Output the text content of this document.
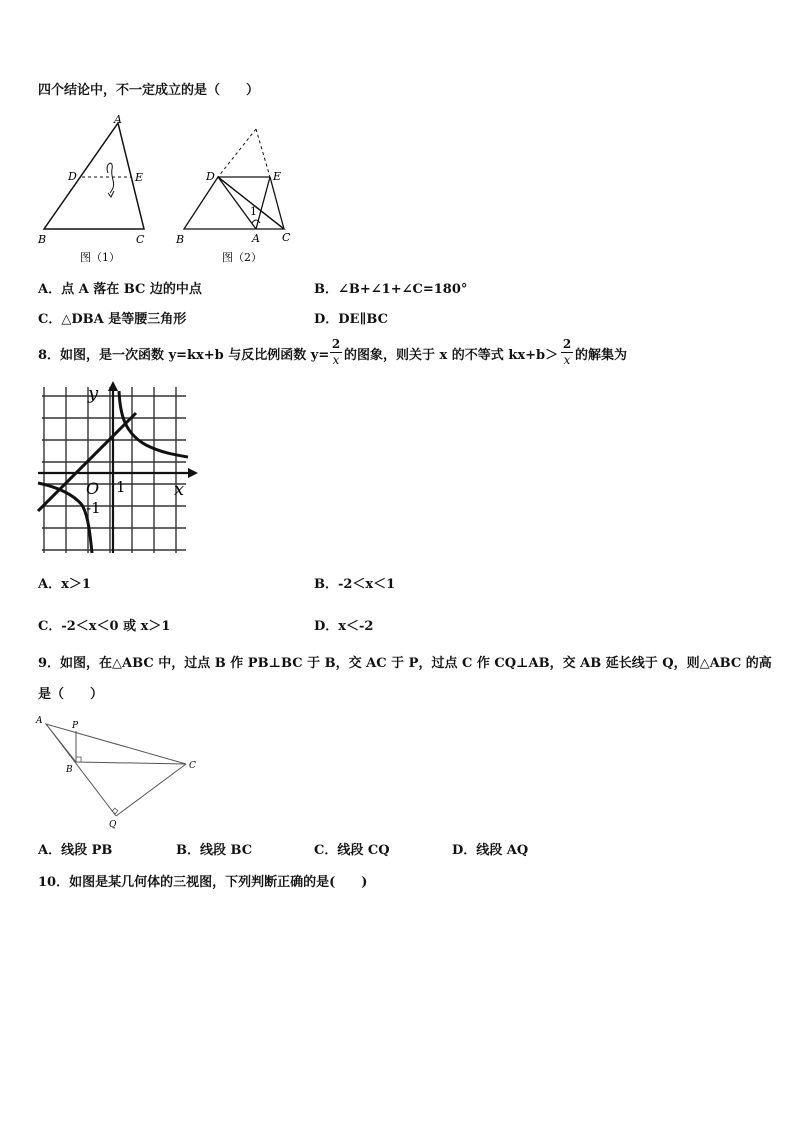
四个结论中，不一定成立的是（　　）
A
D	E
B	C
图（1）
D	E
1
B	A C
图（2）
A．点 A 落在 BC 边的中点	B．∠B+∠1+∠C=180°
C．△DBA 是等腰三角形	D．DE∥BC
8．如图，是一次函数 y=kx+b 与反比例函数 y=
2
x 的图象，则关于 x 的不等式 kx+b＞
2
x 的解集为
y
x
O 1
-1
A．x＞1	B．-2＜x＜1
C．-2＜x＜0 或 x＞1	D．x＜-2
9．如图，在△ABC 中，过点 B 作 PB⊥BC 于 B，交 AC 于 P，过点 C 作 CQ⊥AB，交 AB 延长线于 Q，则△ABC 的高
是（　　）
A	P
B	C
Q
A．线段 PB	B．线段 BC	C．线段 CQ	D．线段 AQ
10．如图是某几何体的三视图，下列判断正确的是(　　)
